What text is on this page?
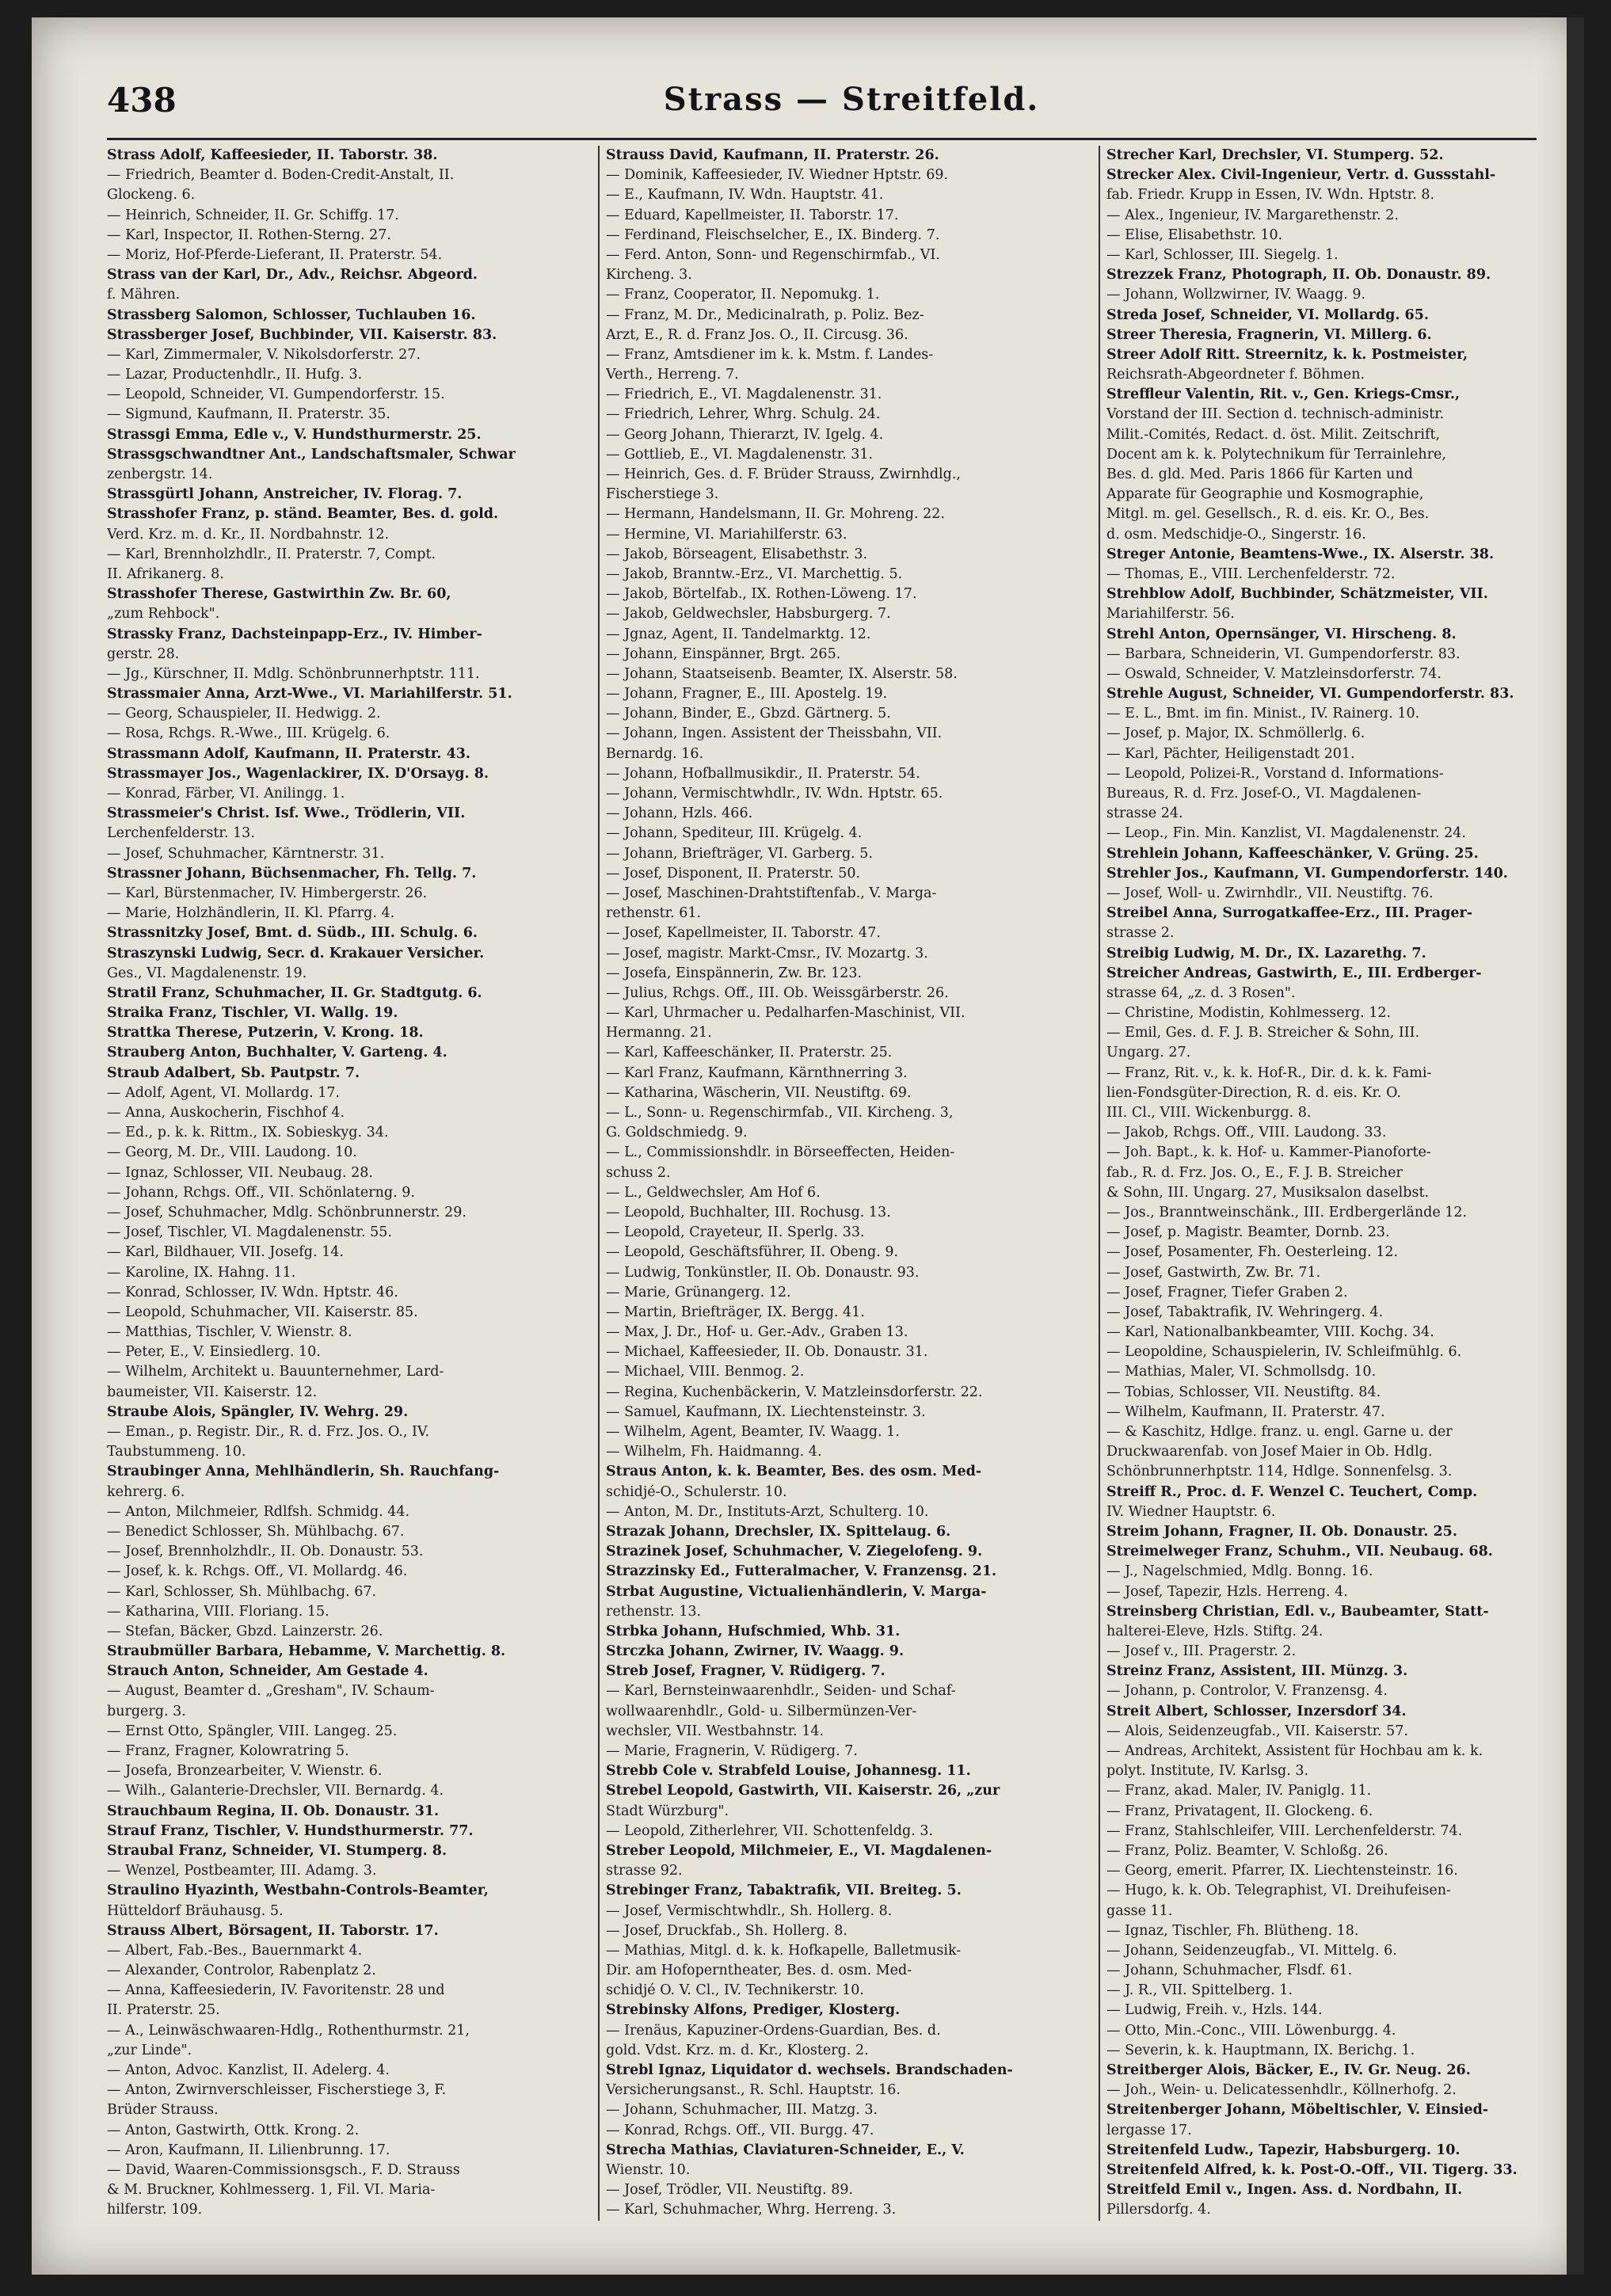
438	Strass — Streitfeld.
Strass Adolf, Kaffeesieder, II. Taborstr. 38.
— Friedrich, Beamter d. Boden-Credit-Anstalt, II.
Glockeng. 6.
— Heinrich, Schneider, II. Gr. Schiffg. 17.
— Karl, Inspector, II. Rothen-Sterng. 27.
— Moriz, Hof-Pferde-Lieferant, II. Praterstr. 54.
Strass van der Karl, Dr., Adv., Reichsr. Abgeord.
f. Mähren.
Strassberg Salomon, Schlosser, Tuchlauben 16.
Strassberger Josef, Buchbinder, VII. Kaiserstr. 83.
— Karl, Zimmermaler, V. Nikolsdorferstr. 27.
— Lazar, Productenhdlr., II. Hufg. 3.
— Leopold, Schneider, VI. Gumpendorferstr. 15.
— Sigmund, Kaufmann, II. Praterstr. 35.
Strassgi Emma, Edle v., V. Hundsthurmerstr. 25.
Strassgschwandtner Ant., Landschaftsmaler, Schwar
zenbergstr. 14.
Strassgürtl Johann, Anstreicher, IV. Florag. 7.
Strasshofer Franz, p. ständ. Beamter, Bes. d. gold.
Verd. Krz. m. d. Kr., II. Nordbahnstr. 12.
— Karl, Brennholzhdlr., II. Praterstr. 7, Compt.
II. Afrikanerg. 8.
Strasshofer Therese, Gastwirthin Zw. Br. 60,
„zum Rehbock".
Strassky Franz, Dachsteinpapp-Erz., IV. Himber-
gerstr. 28.
— Jg., Kürschner, II. Mdlg. Schönbrunnerhptstr. 111.
Strassmaier Anna, Arzt-Wwe., VI. Mariahilferstr. 51.
— Georg, Schauspieler, II. Hedwigg. 2.
— Rosa, Rchgs. R.-Wwe., III. Krügelg. 6.
Strassmann Adolf, Kaufmann, II. Praterstr. 43.
Strassmayer Jos., Wagenlackirer, IX. D'Orsayg. 8.
— Konrad, Färber, VI. Anilingg. 1.
Strassmeier's Christ. Isf. Wwe., Trödlerin, VII.
Lerchenfelderstr. 13.
— Josef, Schuhmacher, Kärntnerstr. 31.
Strassner Johann, Büchsenmacher, Fh. Tellg. 7.
— Karl, Bürstenmacher, IV. Himbergerstr. 26.
— Marie, Holzhändlerin, II. Kl. Pfarrg. 4.
Strassnitzky Josef, Bmt. d. Südb., III. Schulg. 6.
Straszynski Ludwig, Secr. d. Krakauer Versicher.
Ges., VI. Magdalenenstr. 19.
Stratil Franz, Schuhmacher, II. Gr. Stadtgutg. 6.
Straika Franz, Tischler, VI. Wallg. 19.
Strattka Therese, Putzerin, V. Krong. 18.
Strauberg Anton, Buchhalter, V. Garteng. 4.
Straub Adalbert, Sb. Pautpstr. 7.
— Adolf, Agent, VI. Mollardg. 17.
— Anna, Auskocherin, Fischhof 4.
— Ed., p. k. k. Rittm., IX. Sobieskyg. 34.
— Georg, M. Dr., VIII. Laudong. 10.
— Ignaz, Schlosser, VII. Neubaug. 28.
— Johann, Rchgs. Off., VII. Schönlaterng. 9.
— Josef, Schuhmacher, Mdlg. Schönbrunnerstr. 29.
— Josef, Tischler, VI. Magdalenenstr. 55.
— Karl, Bildhauer, VII. Josefg. 14.
— Karoline, IX. Hahng. 11.
— Konrad, Schlosser, IV. Wdn. Hptstr. 46.
— Leopold, Schuhmacher, VII. Kaiserstr. 85.
— Matthias, Tischler, V. Wienstr. 8.
— Peter, E., V. Einsiedlerg. 10.
— Wilhelm, Architekt u. Bauunternehmer, Lard-
baumeister, VII. Kaiserstr. 12.
Straube Alois, Spängler, IV. Wehrg. 29.
— Eman., p. Registr. Dir., R. d. Frz. Jos. O., IV.
Taubstummeng. 10.
Straubinger Anna, Mehlhändlerin, Sh. Rauchfang-
kehrerg. 6.
— Anton, Milchmeier, Rdlfsh. Schmidg. 44.
— Benedict Schlosser, Sh. Mühlbachg. 67.
— Josef, Brennholzhdlr., II. Ob. Donaustr. 53.
— Josef, k. k. Rchgs. Off., VI. Mollardg. 46.
— Karl, Schlosser, Sh. Mühlbachg. 67.
— Katharina, VIII. Floriang. 15.
— Stefan, Bäcker, Gbzd. Lainzerstr. 26.
Straubmüller Barbara, Hebamme, V. Marchettig. 8.
Strauch Anton, Schneider, Am Gestade 4.
— August, Beamter d. „Gresham", IV. Schaum-
burgerg. 3.
— Ernst Otto, Spängler, VIII. Langeg. 25.
— Franz, Fragner, Kolowratring 5.
— Josefa, Bronzearbeiter, V. Wienstr. 6.
— Wilh., Galanterie-Drechsler, VII. Bernardg. 4.
Strauchbaum Regina, II. Ob. Donaustr. 31.
Strauf Franz, Tischler, V. Hundsthurmerstr. 77.
Straubal Franz, Schneider, VI. Stumperg. 8.
— Wenzel, Postbeamter, III. Adamg. 3.
Straulino Hyazinth, Westbahn-Controls-Beamter,
Hütteldorf Bräuhausg. 5.
Strauss Albert, Börsagent, II. Taborstr. 17.
— Albert, Fab.-Bes., Bauernmarkt 4.
— Alexander, Controlor, Rabenplatz 2.
— Anna, Kaffeesiederin, IV. Favoritenstr. 28 und
II. Praterstr. 25.
— A., Leinwäschwaaren-Hdlg., Rothenthurmstr. 21,
„zur Linde".
— Anton, Advoc. Kanzlist, II. Adelerg. 4.
— Anton, Zwirnverschleisser, Fischerstiege 3, F.
Brüder Strauss.
— Anton, Gastwirth, Ottk. Krong. 2.
— Aron, Kaufmann, II. Lilienbrunng. 17.
— David, Waaren-Commissionsgsch., F. D. Strauss
& M. Bruckner, Kohlmesserg. 1, Fil. VI. Maria-
hilferstr. 109.
Strauss David, Kaufmann, II. Praterstr. 26.
— Dominik, Kaffeesieder, IV. Wiedner Hptstr. 69.
— E., Kaufmann, IV. Wdn. Hauptstr. 41.
— Eduard, Kapellmeister, II. Taborstr. 17.
— Ferdinand, Fleischselcher, E., IX. Binderg. 7.
— Ferd. Anton, Sonn- und Regenschirmfab., VI.
Kircheng. 3.
— Franz, Cooperator, II. Nepomukg. 1.
— Franz, M. Dr., Medicinalrath, p. Poliz. Bez-
Arzt, E., R. d. Franz Jos. O., II. Circusg. 36.
— Franz, Amtsdiener im k. k. Mstm. f. Landes-
Verth., Herreng. 7.
— Friedrich, E., VI. Magdalenenstr. 31.
— Friedrich, Lehrer, Whrg. Schulg. 24.
— Georg Johann, Thierarzt, IV. Igelg. 4.
— Gottlieb, E., VI. Magdalenenstr. 31.
— Heinrich, Ges. d. F. Brüder Strauss, Zwirnhdlg.,
Fischerstiege 3.
— Hermann, Handelsmann, II. Gr. Mohreng. 22.
— Hermine, VI. Mariahilferstr. 63.
— Jakob, Börseagent, Elisabethstr. 3.
— Jakob, Branntw.-Erz., VI. Marchettig. 5.
— Jakob, Börtelfab., IX. Rothen-Löweng. 17.
— Jakob, Geldwechsler, Habsburgerg. 7.
— Jgnaz, Agent, II. Tandelmarktg. 12.
— Johann, Einspänner, Brgt. 265.
— Johann, Staatseisenb. Beamter, IX. Alserstr. 58.
— Johann, Fragner, E., III. Apostelg. 19.
— Johann, Binder, E., Gbzd. Gärtnerg. 5.
— Johann, Ingen. Assistent der Theissbahn, VII.
Bernardg. 16.
— Johann, Hofballmusikdir., II. Praterstr. 54.
— Johann, Vermischtwhdlr., IV. Wdn. Hptstr. 65.
— Johann, Hzls. 466.
— Johann, Spediteur, III. Krügelg. 4.
— Johann, Briefträger, VI. Garberg. 5.
— Josef, Disponent, II. Praterstr. 50.
— Josef, Maschinen-Drahtstiftenfab., V. Marga-
rethenstr. 61.
— Josef, Kapellmeister, II. Taborstr. 47.
— Josef, magistr. Markt-Cmsr., IV. Mozartg. 3.
— Josefa, Einspännerin, Zw. Br. 123.
— Julius, Rchgs. Off., III. Ob. Weissgärberstr. 26.
— Karl, Uhrmacher u. Pedalharfen-Maschinist, VII.
Hermanng. 21.
— Karl, Kaffeeschänker, II. Praterstr. 25.
— Karl Franz, Kaufmann, Kärnthnerring 3.
— Katharina, Wäscherin, VII. Neustiftg. 69.
— L., Sonn- u. Regenschirmfab., VII. Kircheng. 3,
G. Goldschmiedg. 9.
— L., Commissionshdlr. in Börseeffecten, Heiden-
schuss 2.
— L., Geldwechsler, Am Hof 6.
— Leopold, Buchhalter, III. Rochusg. 13.
— Leopold, Crayeteur, II. Sperlg. 33.
— Leopold, Geschäftsführer, II. Obeng. 9.
— Ludwig, Tonkünstler, II. Ob. Donaustr. 93.
— Marie, Grünangerg. 12.
— Martin, Briefträger, IX. Bergg. 41.
— Max, J. Dr., Hof- u. Ger.-Adv., Graben 13.
— Michael, Kaffeesieder, II. Ob. Donaustr. 31.
— Michael, VIII. Benmog. 2.
— Regina, Kuchenbäckerin, V. Matzleinsdorferstr. 22.
— Samuel, Kaufmann, IX. Liechtensteinstr. 3.
— Wilhelm, Agent, Beamter, IV. Waagg. 1.
— Wilhelm, Fh. Haidmanng. 4.
Straus Anton, k. k. Beamter, Bes. des osm. Med-
schidjé-O., Schulerstr. 10.
— Anton, M. Dr., Instituts-Arzt, Schulterg. 10.
Strazak Johann, Drechsler, IX. Spittelaug. 6.
Strazinek Josef, Schuhmacher, V. Ziegelofeng. 9.
Strazzinsky Ed., Futteralmacher, V. Franzensg. 21.
Strbat Augustine, Victualienhändlerin, V. Marga-
rethenstr. 13.
Strbka Johann, Hufschmied, Whb. 31.
Strczka Johann, Zwirner, IV. Waagg. 9.
Streb Josef, Fragner, V. Rüdigerg. 7.
— Karl, Bernsteinwaarenhdlr., Seiden- und Schaf-
wollwaarenhdlr., Gold- u. Silbermünzen-Ver-
wechsler, VII. Westbahnstr. 14.
— Marie, Fragnerin, V. Rüdigerg. 7.
Strebb Cole v. Strabfeld Louise, Johannesg. 11.
Strebel Leopold, Gastwirth, VII. Kaiserstr. 26, „zur
Stadt Würzburg".
— Leopold, Zitherlehrer, VII. Schottenfeldg. 3.
Streber Leopold, Milchmeier, E., VI. Magdalenen-
strasse 92.
Strebinger Franz, Tabaktrafik, VII. Breiteg. 5.
— Josef, Vermischtwhdlr., Sh. Hollerg. 8.
— Josef, Druckfab., Sh. Hollerg. 8.
— Mathias, Mitgl. d. k. k. Hofkapelle, Balletmusik-
Dir. am Hofoperntheater, Bes. d. osm. Med-
schidjé O. V. Cl., IV. Technikerstr. 10.
Strebinsky Alfons, Prediger, Klosterg.
— Irenäus, Kapuziner-Ordens-Guardian, Bes. d.
gold. Vdst. Krz. m. d. Kr., Klosterg. 2.
Strebl Ignaz, Liquidator d. wechsels. Brandschaden-
Versicherungsanst., R. Schl. Hauptstr. 16.
— Johann, Schuhmacher, III. Matzg. 3.
— Konrad, Rchgs. Off., VII. Burgg. 47.
Strecha Mathias, Claviaturen-Schneider, E., V.
Wienstr. 10.
— Josef, Trödler, VII. Neustiftg. 89.
— Karl, Schuhmacher, Whrg. Herreng. 3.
Strecher Karl, Drechsler, VI. Stumperg. 52.
Strecker Alex. Civil-Ingenieur, Vertr. d. Gussstahl-
fab. Friedr. Krupp in Essen, IV. Wdn. Hptstr. 8.
— Alex., Ingenieur, IV. Margarethenstr. 2.
— Elise, Elisabethstr. 10.
— Karl, Schlosser, III. Siegelg. 1.
Strezzek Franz, Photograph, II. Ob. Donaustr. 89.
— Johann, Wollzwirner, IV. Waagg. 9.
Streda Josef, Schneider, VI. Mollardg. 65.
Streer Theresia, Fragnerin, VI. Millerg. 6.
Streer Adolf Ritt. Streernitz, k. k. Postmeister,
Reichsrath-Abgeordneter f. Böhmen.
Streffleur Valentin, Rit. v., Gen. Kriegs-Cmsr.,
Vorstand der III. Section d. technisch-administr.
Milit.-Comités, Redact. d. öst. Milit. Zeitschrift,
Docent am k. k. Polytechnikum für Terrainlehre,
Bes. d. gld. Med. Paris 1866 für Karten und
Apparate für Geographie und Kosmographie,
Mitgl. m. gel. Gesellsch., R. d. eis. Kr. O., Bes.
d. osm. Medschidje-O., Singerstr. 16.
Streger Antonie, Beamtens-Wwe., IX. Alserstr. 38.
— Thomas, E., VIII. Lerchenfelderstr. 72.
Strehblow Adolf, Buchbinder, Schätzmeister, VII.
Mariahilferstr. 56.
Strehl Anton, Opernsänger, VI. Hirscheng. 8.
— Barbara, Schneiderin, VI. Gumpendorferstr. 83.
— Oswald, Schneider, V. Matzleinsdorferstr. 74.
Strehle August, Schneider, VI. Gumpendorferstr. 83.
— E. L., Bmt. im fin. Minist., IV. Rainerg. 10.
— Josef, p. Major, IX. Schmöllerlg. 6.
— Karl, Pächter, Heiligenstadt 201.
— Leopold, Polizei-R., Vorstand d. Informations-
Bureaus, R. d. Frz. Josef-O., VI. Magdalenen-
strasse 24.
— Leop., Fin. Min. Kanzlist, VI. Magdalenenstr. 24.
Strehlein Johann, Kaffeeschänker, V. Grüng. 25.
Strehler Jos., Kaufmann, VI. Gumpendorferstr. 140.
— Josef, Woll- u. Zwirnhdlr., VII. Neustiftg. 76.
Streibel Anna, Surrogatkaffee-Erz., III. Prager-
strasse 2.
Streibig Ludwig, M. Dr., IX. Lazarethg. 7.
Streicher Andreas, Gastwirth, E., III. Erdberger-
strasse 64, „z. d. 3 Rosen".
— Christine, Modistin, Kohlmesserg. 12.
— Emil, Ges. d. F. J. B. Streicher & Sohn, III.
Ungarg. 27.
— Franz, Rit. v., k. k. Hof-R., Dir. d. k. k. Fami-
lien-Fondsgüter-Direction, R. d. eis. Kr. O.
III. Cl., VIII. Wickenburgg. 8.
— Jakob, Rchgs. Off., VIII. Laudong. 33.
— Joh. Bapt., k. k. Hof- u. Kammer-Pianoforte-
fab., R. d. Frz. Jos. O., E., F. J. B. Streicher
& Sohn, III. Ungarg. 27, Musiksalon daselbst.
— Jos., Branntweinschänk., III. Erdbergerlände 12.
— Josef, p. Magistr. Beamter, Dornb. 23.
— Josef, Posamenter, Fh. Oesterleing. 12.
— Josef, Gastwirth, Zw. Br. 71.
— Josef, Fragner, Tiefer Graben 2.
— Josef, Tabaktrafik, IV. Wehringerg. 4.
— Karl, Nationalbankbeamter, VIII. Kochg. 34.
— Leopoldine, Schauspielerin, IV. Schleifmühlg. 6.
— Mathias, Maler, VI. Schmollsdg. 10.
— Tobias, Schlosser, VII. Neustiftg. 84.
— Wilhelm, Kaufmann, II. Praterstr. 47.
— & Kaschitz, Hdlge. franz. u. engl. Garne u. der
Druckwaarenfab. von Josef Maier in Ob. Hdlg.
Schönbrunnerhptstr. 114, Hdlge. Sonnenfelsg. 3.
Streiff R., Proc. d. F. Wenzel C. Teuchert, Comp.
IV. Wiedner Hauptstr. 6.
Streim Johann, Fragner, II. Ob. Donaustr. 25.
Streimelweger Franz, Schuhm., VII. Neubaug. 68.
— J., Nagelschmied, Mdlg. Bonng. 16.
— Josef, Tapezir, Hzls. Herreng. 4.
Streinsberg Christian, Edl. v., Baubeamter, Statt-
halterei-Eleve, Hzls. Stiftg. 24.
— Josef v., III. Pragerstr. 2.
Streinz Franz, Assistent, III. Münzg. 3.
— Johann, p. Controlor, V. Franzensg. 4.
Streit Albert, Schlosser, Inzersdorf 34.
— Alois, Seidenzeugfab., VII. Kaiserstr. 57.
— Andreas, Architekt, Assistent für Hochbau am k. k.
polyt. Institute, IV. Karlsg. 3.
— Franz, akad. Maler, IV. Paniglg. 11.
— Franz, Privatagent, II. Glockeng. 6.
— Franz, Stahlschleifer, VIII. Lerchenfelderstr. 74.
— Franz, Poliz. Beamter, V. Schloßg. 26.
— Georg, emerit. Pfarrer, IX. Liechtensteinstr. 16.
— Hugo, k. k. Ob. Telegraphist, VI. Dreihufeisen-
gasse 11.
— Ignaz, Tischler, Fh. Blütheng. 18.
— Johann, Seidenzeugfab., VI. Mittelg. 6.
— Johann, Schuhmacher, Flsdf. 61.
— J. R., VII. Spittelberg. 1.
— Ludwig, Freih. v., Hzls. 144.
— Otto, Min.-Conc., VIII. Löwenburgg. 4.
— Severin, k. k. Hauptmann, IX. Berichg. 1.
Streitberger Alois, Bäcker, E., IV. Gr. Neug. 26.
— Joh., Wein- u. Delicatessenhdlr., Köllnerhofg. 2.
Streitenberger Johann, Möbeltischler, V. Einsied-
lergasse 17.
Streitenfeld Ludw., Tapezir, Habsburgerg. 10.
Streitenfeld Alfred, k. k. Post-O.-Off., VII. Tigerg. 33.
Streitfeld Emil v., Ingen. Ass. d. Nordbahn, II.
Pillersdorfg. 4.
